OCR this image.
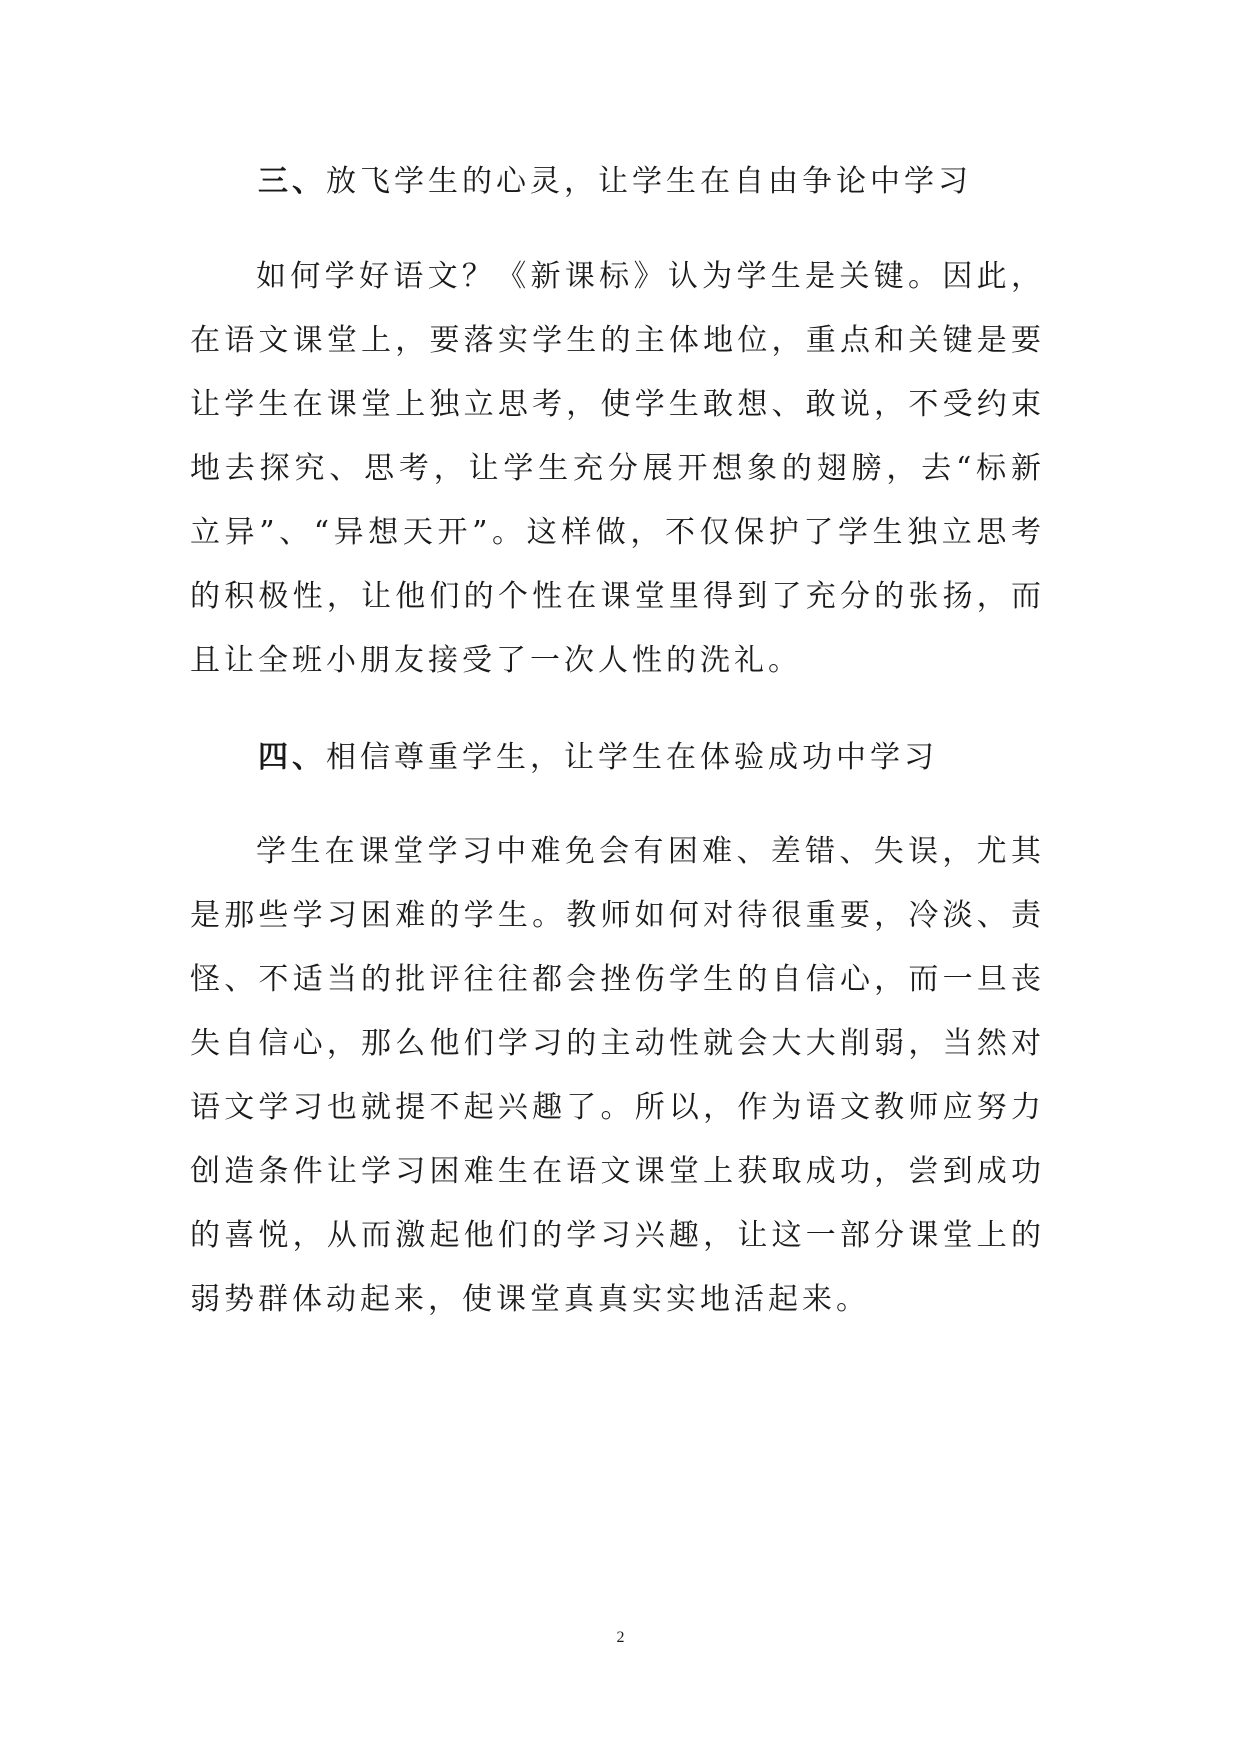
三、放飞学生的心灵，让学生在自由争论中学习

如何学好语文？《新课标》认为学生是关键。因此，在语文课堂上，要落实学生的主体地位，重点和关键是要让学生在课堂上独立思考，使学生敢想、敢说，不受约束地去探究、思考，让学生充分展开想象的翅膀，去“标新立异”、“异想天开”。这样做，不仅保护了学生独立思考的积极性，让他们的个性在课堂里得到了充分的张扬，而且让全班小朋友接受了一次人性的洗礼。

四、相信尊重学生，让学生在体验成功中学习

学生在课堂学习中难免会有困难、差错、失误，尤其是那些学习困难的学生。教师如何对待很重要，冷淡、责怪、不适当的批评往往都会挫伤学生的自信心，而一旦丧失自信心，那么他们学习的主动性就会大大削弱，当然对语文学习也就提不起兴趣了。所以，作为语文教师应努力创造条件让学习困难生在语文课堂上获取成功，尝到成功的喜悦，从而激起他们的学习兴趣，让这一部分课堂上的弱势群体动起来，使课堂真真实实地活起来。

2
